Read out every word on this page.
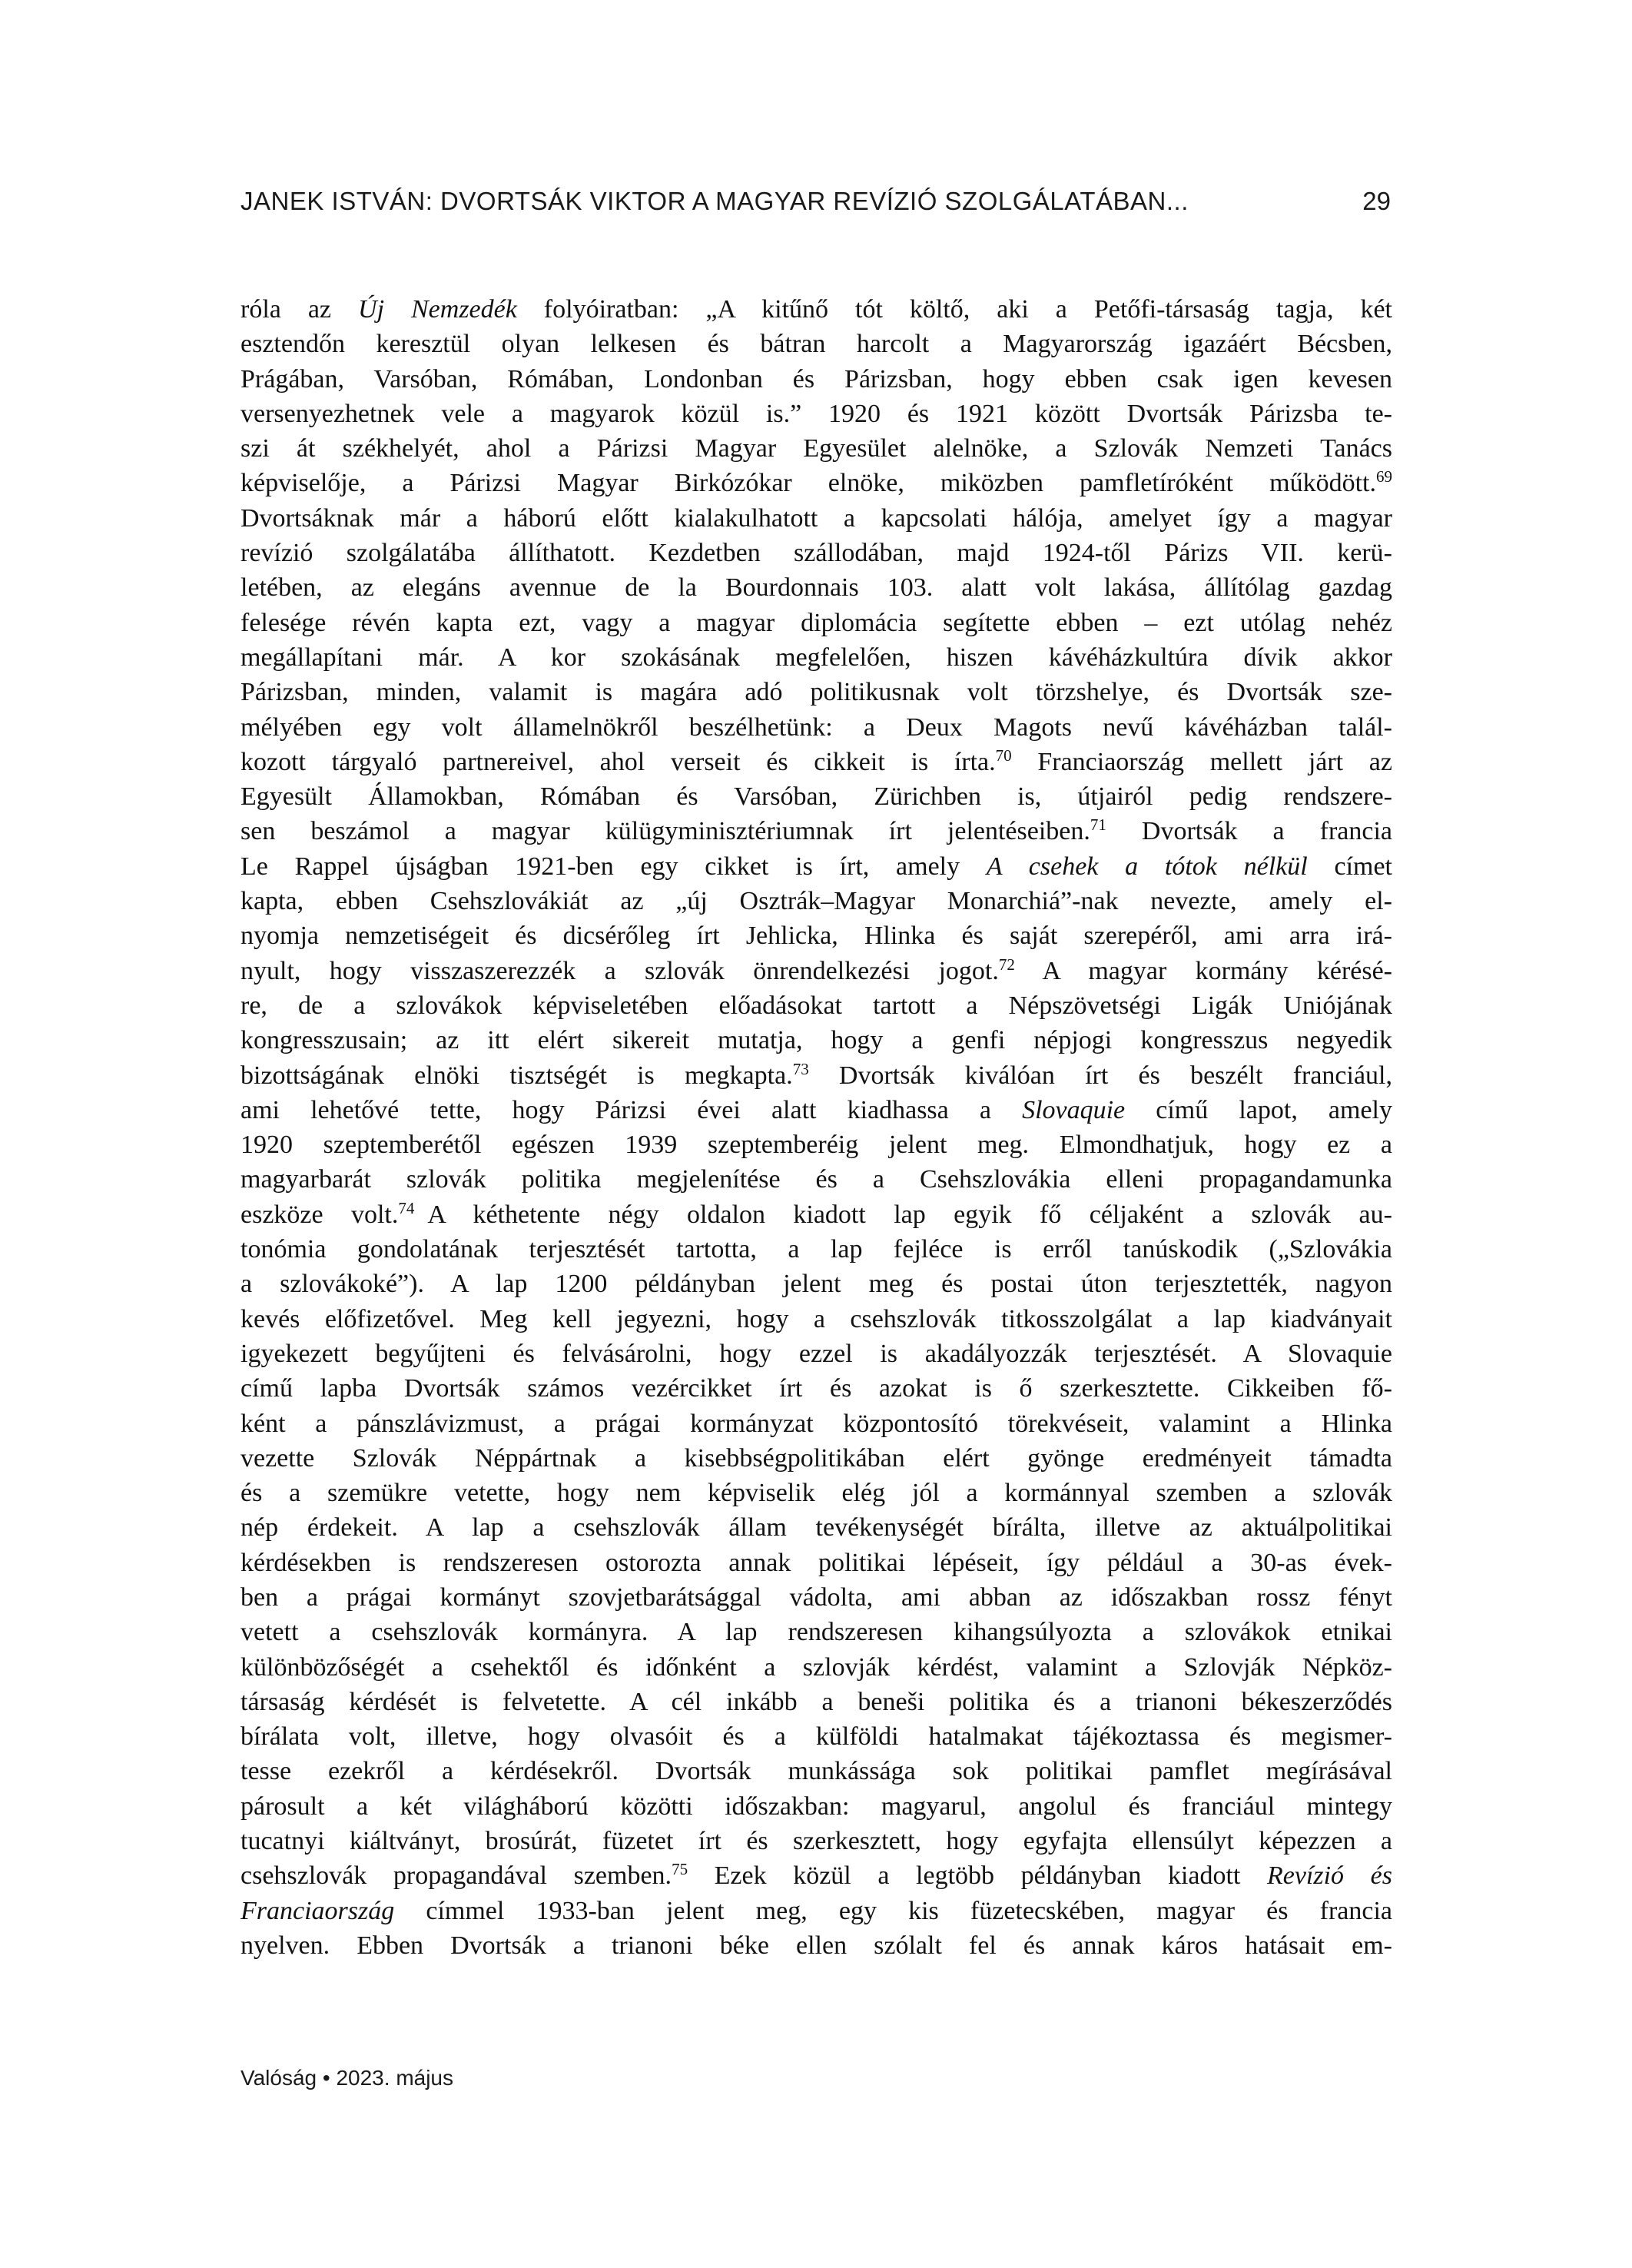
JANEK ISTVÁN: DVORTSÁK VIKTOR A MAGYAR REVÍZIÓ SZOLGÁLATÁBAN...	29
róla az Új Nemzedék folyóiratban: „A kitűnő tót költő, aki a Petőfi-társaság tagja, két
esztendőn keresztül olyan lelkesen és bátran harcolt a Magyarország igazáért Bécsben,
Prágában, Varsóban, Rómában, Londonban és Párizsban, hogy ebben csak igen kevesen
versenyezhetnek vele a magyarok közül is.” 1920 és 1921 között Dvortsák Párizsba te-
szi át székhelyét, ahol a Párizsi Magyar Egyesület alelnöke, a Szlovák Nemzeti Tanács
képviselője, a Párizsi Magyar Birkózókar elnöke, miközben pamfletíróként működött.$^{69}$
Dvortsáknak már a háború előtt kialakulhatott a kapcsolati hálója, amelyet így a magyar
revízió szolgálatába állíthatott. Kezdetben szállodában, majd 1924-től Párizs VII. kerü-
letében, az elegáns avennue de la Bourdonnais 103. alatt volt lakása, állítólag gazdag
felesége révén kapta ezt, vagy a magyar diplomácia segítette ebben – ezt utólag nehéz
megállapítani már. A kor szokásának megfelelően, hiszen kávéházkultúra dívik akkor
Párizsban, minden, valamit is magára adó politikusnak volt törzshelye, és Dvortsák sze-
mélyében egy volt államelnökről beszélhetünk: a Deux Magots nevű kávéházban talál-
kozott tárgyaló partnereivel, ahol verseit és cikkeit is írta.$^{70}$ Franciaország mellett járt az
Egyesült Államokban, Rómában és Varsóban, Zürichben is, útjairól pedig rendszere-
sen beszámol a magyar külügyminisztériumnak írt jelentéseiben.$^{71}$ Dvortsák a francia
Le Rappel újságban 1921-ben egy cikket is írt, amely A csehek a tótok nélkül címet
kapta, ebben Csehszlovákiát az „új Osztrák–Magyar Monarchiá”-nak nevezte, amely el-
nyomja nemzetiségeit és dicsérőleg írt Jehlicka, Hlinka és saját szerepéről, ami arra irá-
nyult, hogy visszaszerezzék a szlovák önrendelkezési jogot.$^{72}$ A magyar kormány kérésé-
re, de a szlovákok képviseletében előadásokat tartott a Népszövetségi Ligák Uniójának
kongresszusain; az itt elért sikereit mutatja, hogy a genfi népjogi kongresszus negyedik
bizottságának elnöki tisztségét is megkapta.$^{73}$ Dvortsák kiválóan írt és beszélt franciául,
ami lehetővé tette, hogy Párizsi évei alatt kiadhassa a Slovaquie című lapot, amely
1920 szeptemberétől egészen 1939 szeptemberéig jelent meg. Elmondhatjuk, hogy ez a
magyarbarát szlovák politika megjelenítése és a Csehszlovákia elleni propagandamunka
eszköze volt.$^{74}$ A kéthetente négy oldalon kiadott lap egyik fő céljaként a szlovák au-
tonómia gondolatának terjesztését tartotta, a lap fejléce is erről tanúskodik („Szlovákia
a szlovákoké”). A lap 1200 példányban jelent meg és postai úton terjesztették, nagyon
kevés előfizetővel. Meg kell jegyezni, hogy a csehszlovák titkosszolgálat a lap kiadványait
igyekezett begyűjteni és felvásárolni, hogy ezzel is akadályozzák terjesztését. A Slovaquie
című lapba Dvortsák számos vezércikket írt és azokat is ő szerkesztette. Cikkeiben fő-
ként a pánszlávizmust, a prágai kormányzat központosító törekvéseit, valamint a Hlinka
vezette Szlovák Néppártnak a kisebbségpolitikában elért gyönge eredményeit támadta
és a szemükre vetette, hogy nem képviselik elég jól a kormánnyal szemben a szlovák
nép érdekeit. A lap a csehszlovák állam tevékenységét bírálta, illetve az aktuálpolitikai
kérdésekben is rendszeresen ostorozta annak politikai lépéseit, így például a 30-as évek-
ben a prágai kormányt szovjetbarátsággal vádolta, ami abban az időszakban rossz fényt
vetett a csehszlovák kormányra. A lap rendszeresen kihangsúlyozta a szlovákok etnikai
különbözőségét a csehektől és időnként a szlovják kérdést, valamint a Szlovják Népköz-
társaság kérdését is felvetette. A cél inkább a beneši politika és a trianoni békeszerződés
bírálata volt, illetve, hogy olvasóit és a külföldi hatalmakat tájékoztassa és megismer-
tesse ezekről a kérdésekről. Dvortsák munkássága sok politikai pamflet megírásával
párosult a két világháború közötti időszakban: magyarul, angolul és franciául mintegy
tucatnyi kiáltványt, brosúrát, füzetet írt és szerkesztett, hogy egyfajta ellensúlyt képezzen a
csehszlovák propagandával szemben.$^{75}$ Ezek közül a legtöbb példányban kiadott Revízió és
Franciaország címmel 1933-ban jelent meg, egy kis füzetecskében, magyar és francia
nyelven. Ebben Dvortsák a trianoni béke ellen szólalt fel és annak káros hatásait em-
Valóság • 2023. május
